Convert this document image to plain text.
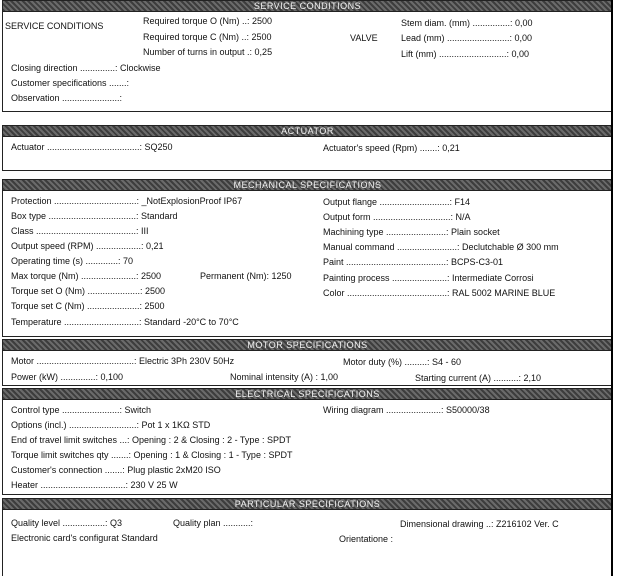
SERVICE CONDITIONS
SERVICE CONDITIONS	Required torque O (Nm) ..: 2500
Required torque C (Nm) ..: 2500
Number of turns in output .: 0,25
VALVE
Stem diam. (mm) ...............: 0,00
Lead (mm) .........................: 0,00
Lift (mm) ...........................: 0,00
Closing direction ..............: Clockwise
Customer specifications .......:
Observation .......................:
ACTUATOR
Actuator .....................................: SQ250	Actuator's speed (Rpm) .......: 0,21
MECHANICAL SPECIFICATIONS
Protection .................................: _NotExplosionProof IP67
Box type ...................................: Standard
Class ........................................: III
Output speed (RPM) ..................: 0,21
Operating time (s) .............: 70
Max torque (Nm) ......................: 2500	Permanent (Nm): 1250
Torque set O (Nm) .....................: 2500
Torque set C (Nm) .....................: 2500
Temperature ..............................: Standard -20°C to 70°C
Output flange ............................: F14
Output form ...............................: N/A
Machining type ........................: Plain socket
Manual command ........................: Declutchable Ø 300 mm
Paint ........................................: BCPS-C3-01
Painting process ......................: Intermediate Corrosi
Color ........................................: RAL 5002 MARINE BLUE
MOTOR SPECIFICATIONS
Motor .......................................: Electric 3Ph 230V 50Hz	Motor duty (%) .........: S4 - 60
Power (kW) ..............: 0,100	Nominal intensity (A) : 1,00	Starting current (A) ..........: 2,10
ELECTRICAL SPECIFICATIONS
Control type .......................: Switch	Wiring diagram ......................: S50000/38
Options (incl.) ...........................: Pot 1 x 1KΩ STD
End of travel limit switches ...: Opening : 2 & Closing : 2 - Type : SPDT
Torque limit switches qty .......: Opening : 1 & Closing : 1 - Type : SPDT
Customer's connection .......: Plug plastic 2xM20 ISO
Heater ..................................: 230 V 25 W
PARTICULAR SPECIFICATIONS
Quality level .................: Q3	Quality plan ...........:	Dimensional drawing ..: Z216102 Ver. C
Electronic card's configurat Standard	Orientatione :
